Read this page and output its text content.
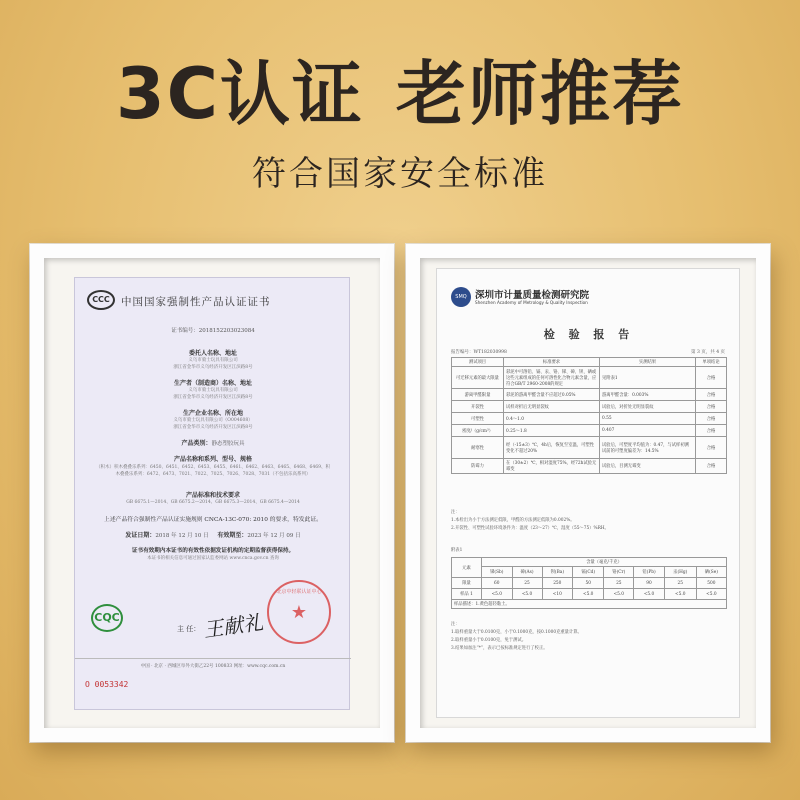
3C认证 老师推荐
符合国家安全标准
CCC	中国国家强制性产品认证证书
证书编号：2018152203023084
委托人名称、地址
义乌市骑士玩具有限公司
浙江省金华市义乌经济开发区江滨路8号
生产者（制造商）名称、地址
义乌市骑士玩具有限公司
浙江省金华市义乌经济开发区江滨路8号
生产企业名称、所在地
义乌市骑士玩具有限公司（O004608）
浙江省金华市义乌经济开发区江滨路8号
产品类别：静态塑胶玩具
产品名称和系列、型号、规格
（积木）积木叠叠乐系列：6450、6451、6452、6453、6455、6461、6462、6463、6465、6468、6469、积木叠叠乐系列：6472、6473、7021、7022、7025、7026、7028、7031（不包括乐高系列）
产品标准和技术要求
GB 6675.1—2014、GB 6675.2—2014、GB 6675.3—2014、GB 6675.4—2014
上述产品符合强制性产品认证实施规则 CNCA-13C-070: 2010 的要求，特发此证。
发证日期：2018 年 12 月 10 日 有效期至：2023 年 12 月 09 日
证书有效期内本证书的有效性依据发证机构的定期监督获得保持。
本证书的相关信息可通过国家认监委网站 www.cnca.gov.cn 查询
CQC
主 任： 王献礼
北京中轻联认证中心
★
中国 · 北京 · 西城区阜外大街乙22号 100833 网址：www.cqc.com.cn
O 0053342
SMQ 深圳市计量质量检测研究院
Shenzhen Academy of Metrology & Quality Inspection
检 验 报 告
报告编号：WT182030998	第 3 页，共 4 页
测试项目	标准要求	实测结果	单项结论
可迁移元素的最大限量	彩泥中可溶铅、镉、汞、铬、锑、砷、钡、硒或这些元素组成的任何可溶性化合物元素含量，应符合GB/T 2960-2008的规定	见附表1	合格
游离甲醛限量	彩泥的游离甲醛含量不应超过0.05%	游离甲醛含量：0.003%	合格
开裂性	试样对折后无明显裂纹	试验后，对折处无明显裂纹	合格
可塑性	0.4～1.0	0.55	合格
密度/（g/cm³）	0.25～1.8	0.407	合格
耐寒性	经（-15±3）℃，4h后，恢复至室温，可塑性变化不超过20%	试验后，可塑度平均值为：0.47，与试样初测试前的可塑度偏差为：14.5%	合格
防霉力	在（30±2）℃，相对湿度75%，经72h试验无霉变	试验后，目测无霉变	合格
注：
1.本检出为小于方法测定低限，甲醛的方法测定低限为0.002%。
2.开裂性、可塑性试验环境条件为：温度（23～27）℃，湿度（55～75）%RH。
附表1
元素	含量（毫克/千克）							
	锑(Sb)	砷(As)	钡(Ba)	镉(Cd)	铬(Cr)	铅(Pb)	汞(Hg)	硒(Se)
限量	60	25	250	50	25	90	25	500
样品 1	<5.0	<5.0	<10	<5.0	<5.0	<5.0	<5.0	<5.0
样品描述：1.黄色超轻黏土。								
注：
1.取样重量大于0.0100克，小于0.1000克，按0.1000克重量计算。
2.取样重量小于0.0100克，免于测试。
3.结果如加注“*”，表示已按标准规定进行了校正。
